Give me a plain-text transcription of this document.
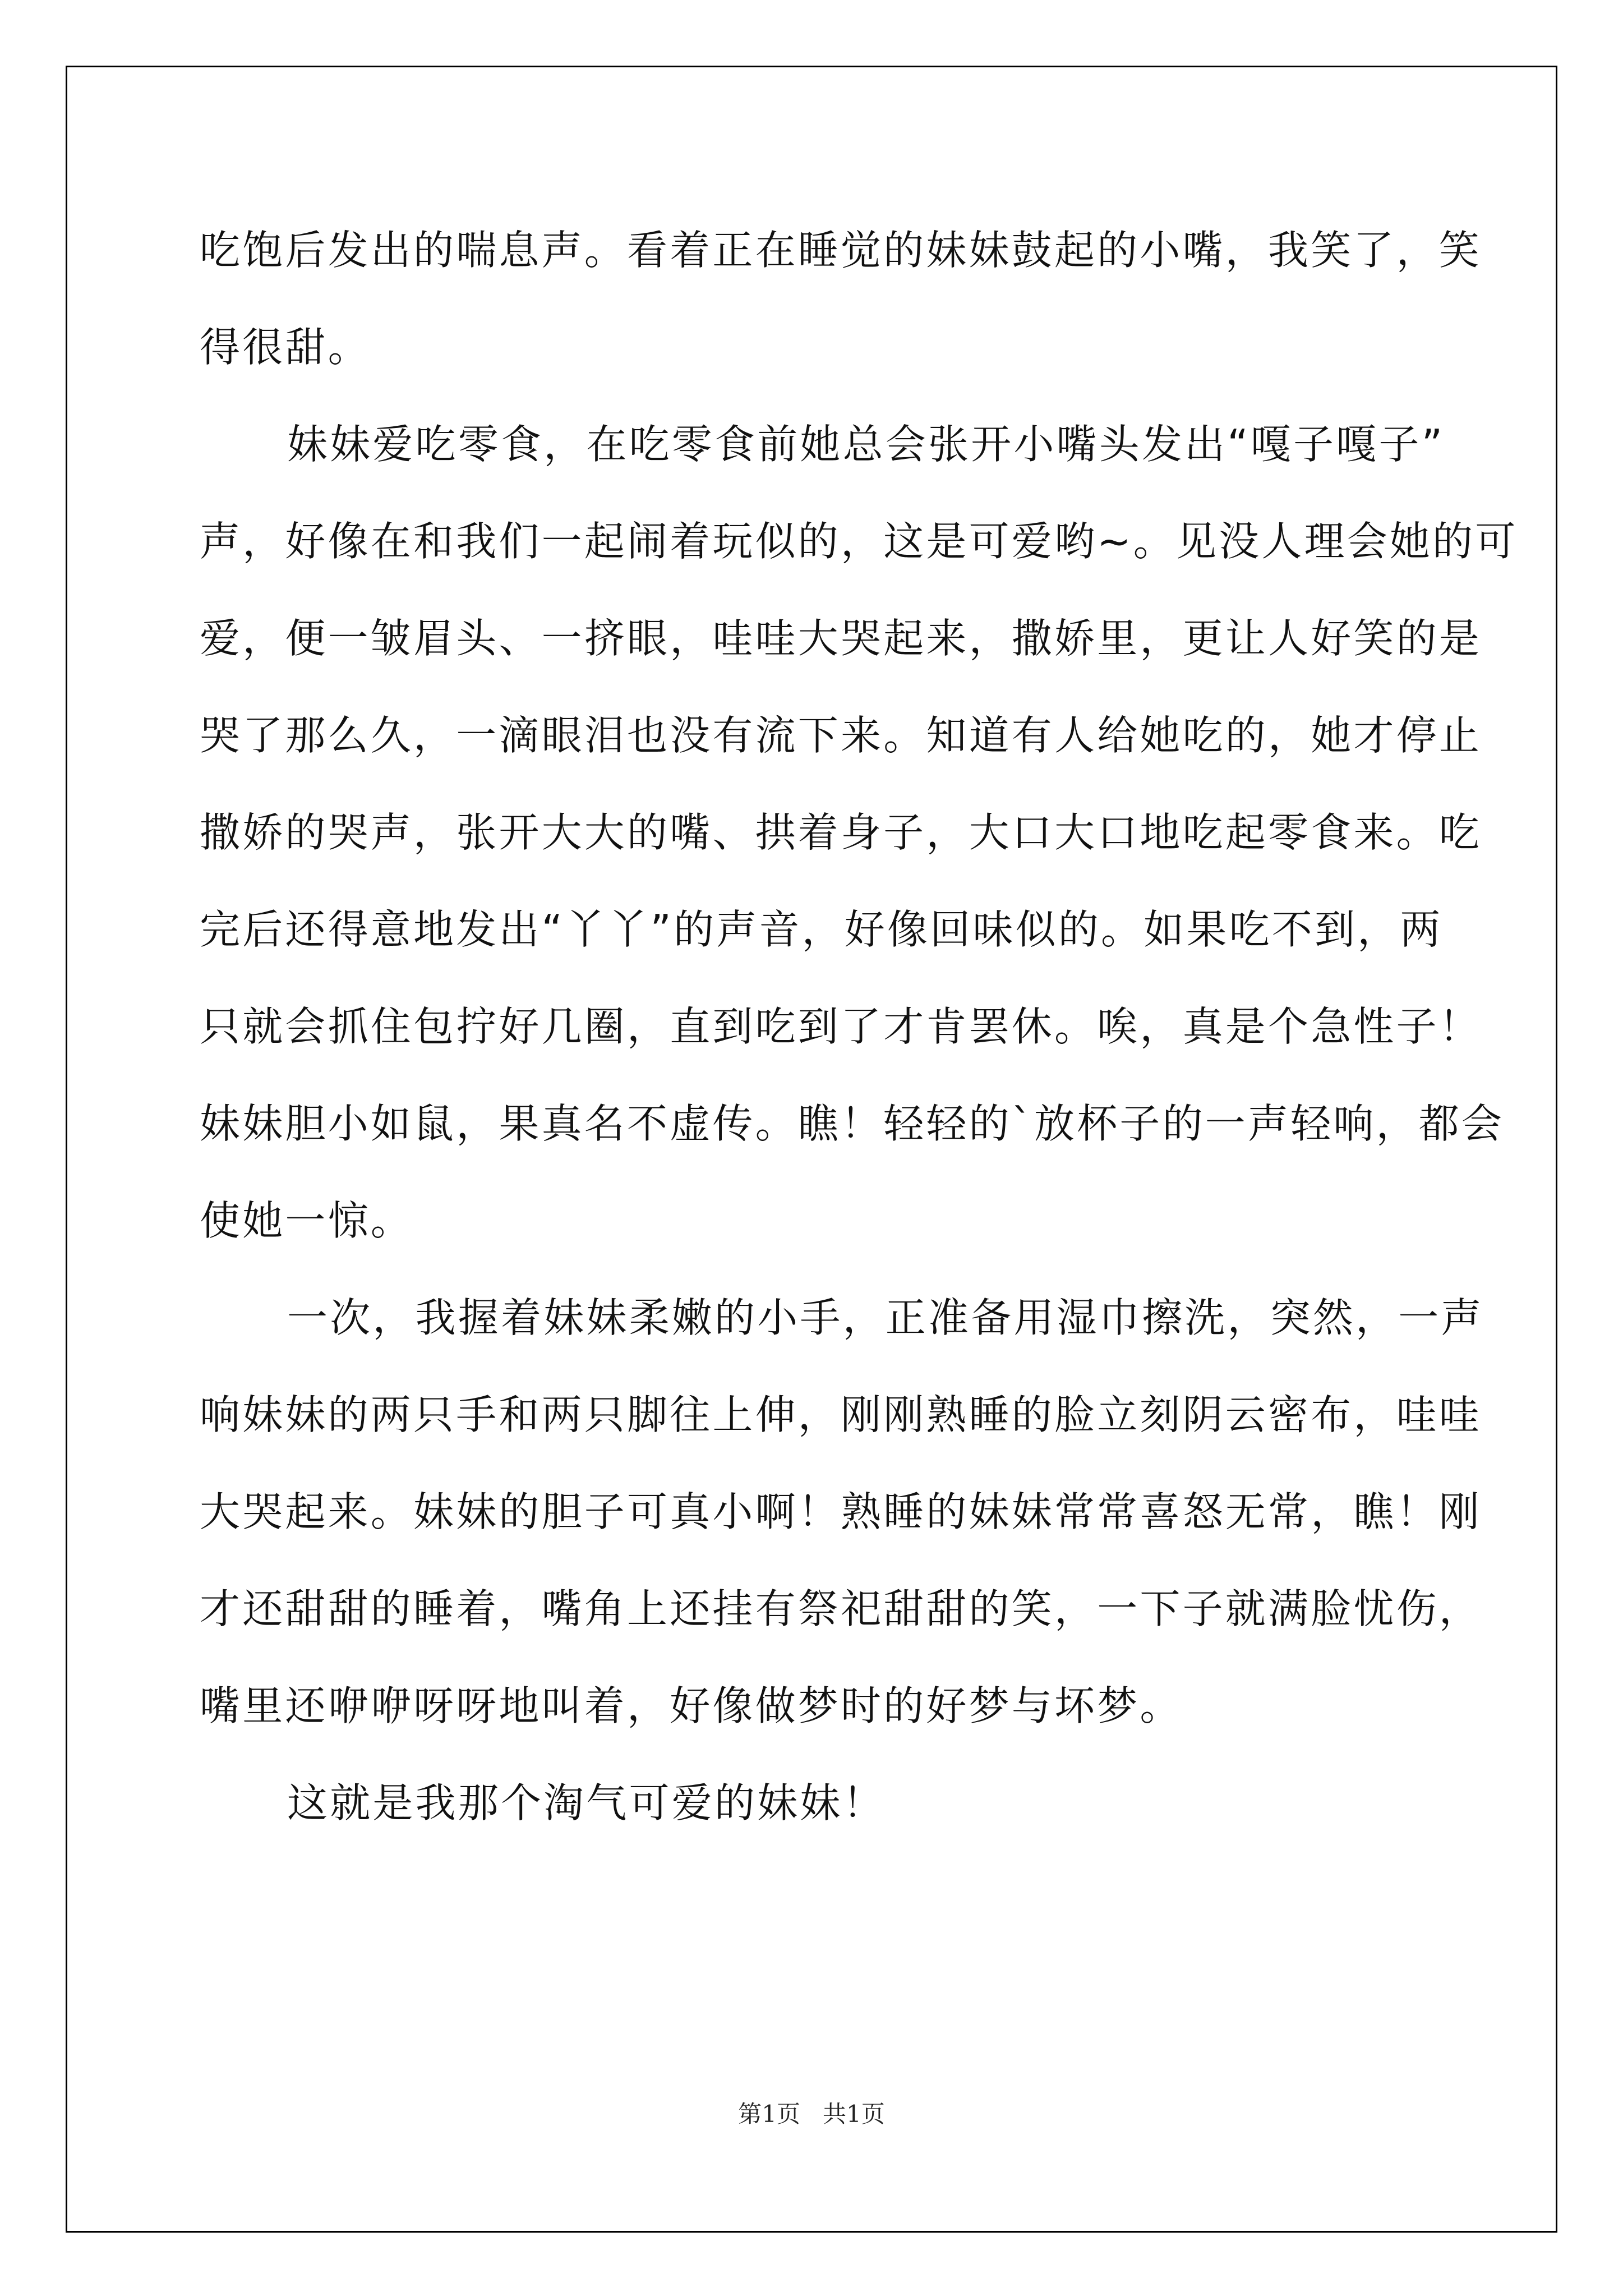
吃饱后发出的喘息声。看着正在睡觉的妹妹鼓起的小嘴，我笑了，笑
得很甜。
妹妹爱吃零食，在吃零食前她总会张开小嘴头发出“嘎子嘎子”
声，好像在和我们一起闹着玩似的，这是可爱哟~。见没人理会她的可
爱，便一皱眉头、一挤眼，哇哇大哭起来，撒娇里，更让人好笑的是
哭了那么久，一滴眼泪也没有流下来。知道有人给她吃的，她才停止
撒娇的哭声，张开大大的嘴、拱着身子，大口大口地吃起零食来。吃
完后还得意地发出“丫丫”的声音，好像回味似的。如果吃不到，两
只就会抓住包拧好几圈，直到吃到了才肯罢休。唉，真是个急性子！
妹妹胆小如鼠，果真名不虚传。瞧！轻轻的`放杯子的一声轻响，都会
使她一惊。
一次，我握着妹妹柔嫩的小手，正准备用湿巾擦洗，突然，一声
响妹妹的两只手和两只脚往上伸，刚刚熟睡的脸立刻阴云密布，哇哇
大哭起来。妹妹的胆子可真小啊！熟睡的妹妹常常喜怒无常，瞧！刚
才还甜甜的睡着，嘴角上还挂有祭祀甜甜的笑，一下子就满脸忧伤，
嘴里还咿咿呀呀地叫着，好像做梦时的好梦与坏梦。
这就是我那个淘气可爱的妹妹！
第1页 共1页
